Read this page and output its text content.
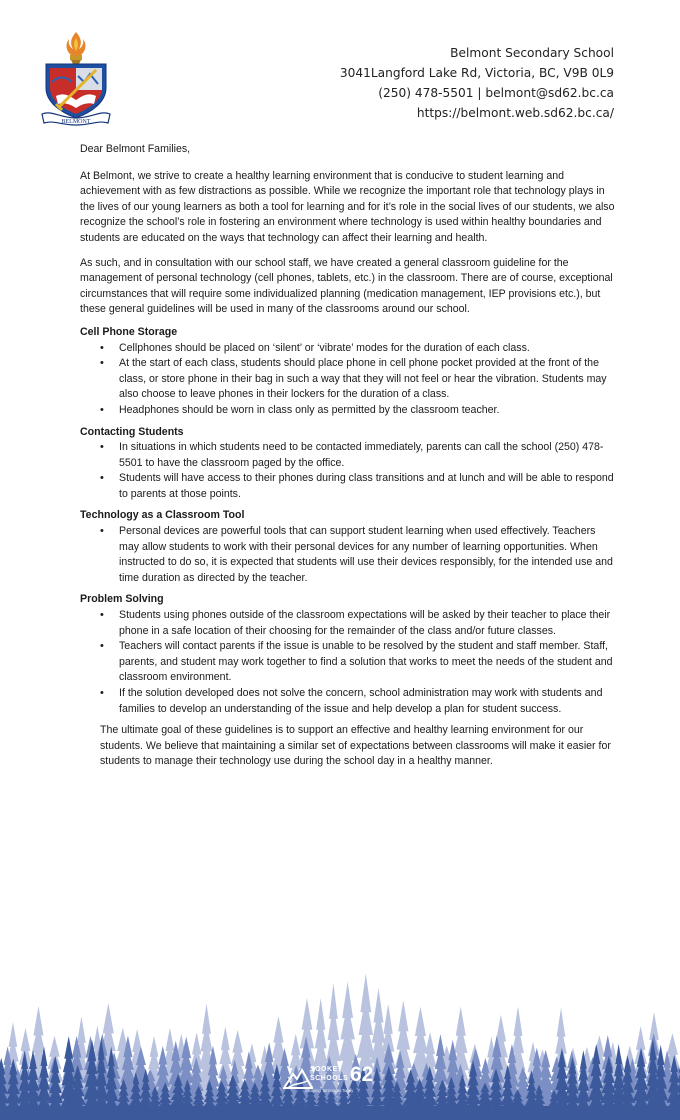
BELMONT
Belmont Secondary School
3041Langford Lake Rd, Victoria, BC, V9B 0L9
(250) 478-5501 | belmont@sd62.bc.ca
https://belmont.web.sd62.bc.ca/

Dear Belmont Families,

At Belmont, we strive to create a healthy learning environment that is conducive to student learning and achievement with as few distractions as possible. While we recognize the important role that technology plays in the lives of our young learners as both a tool for learning and for it’s role in the social lives of our students, we also recognize the school’s role in fostering an environment where technology is used within healthy boundaries and students are educated on the ways that technology can affect their learning and health.

As such, and in consultation with our school staff, we have created a general classroom guideline for the management of personal technology (cell phones, tablets, etc.) in the classroom. There are of course, exceptional circumstances that will require some individualized planning (medication management, IEP provisions etc.), but these general guidelines will be used in many of the classrooms around our school.

Cell Phone Storage
• Cellphones should be placed on ‘silent’ or ‘vibrate’ modes for the duration of each class.
• At the start of each class, students should place phone in cell phone pocket provided at the front of the class, or store phone in their bag in such a way that they will not feel or hear the vibration. Students may also choose to leave phones in their lockers for the duration of a class.
• Headphones should be worn in class only as permitted by the classroom teacher.
Contacting Students
• In situations in which students need to be contacted immediately, parents can call the school (250) 478-5501 to have the classroom paged by the office.
• Students will have access to their phones during class transitions and at lunch and will be able to respond to parents at those points.
Technology as a Classroom Tool
• Personal devices are powerful tools that can support student learning when used effectively. Teachers may allow students to work with their personal devices for any number of learning opportunities. When instructed to do so, it is expected that students will use their devices responsibly, for the intended use and time duration as directed by the teacher.
Problem Solving
• Students using phones outside of the classroom expectations will be asked by their teacher to place their phone in a safe location of their choosing for the remainder of the class and/or future classes.
• Teachers will contact parents if the issue is unable to be resolved by the student and staff member. Staff, parents, and student may work together to find a solution that works to meet the needs of the student and classroom environment.
• If the solution developed does not solve the concern, school administration may work with students and families to develop an understanding of the issue and help develop a plan for student success.

The ultimate goal of these guidelines is to support an effective and healthy learning environment for our students. We believe that maintaining a similar set of expectations between classrooms will make it easier for students to manage their technology use during the school day in a healthy manner.

SOOKE
SCHOOLS 62
Shaping Tomorrow Today
